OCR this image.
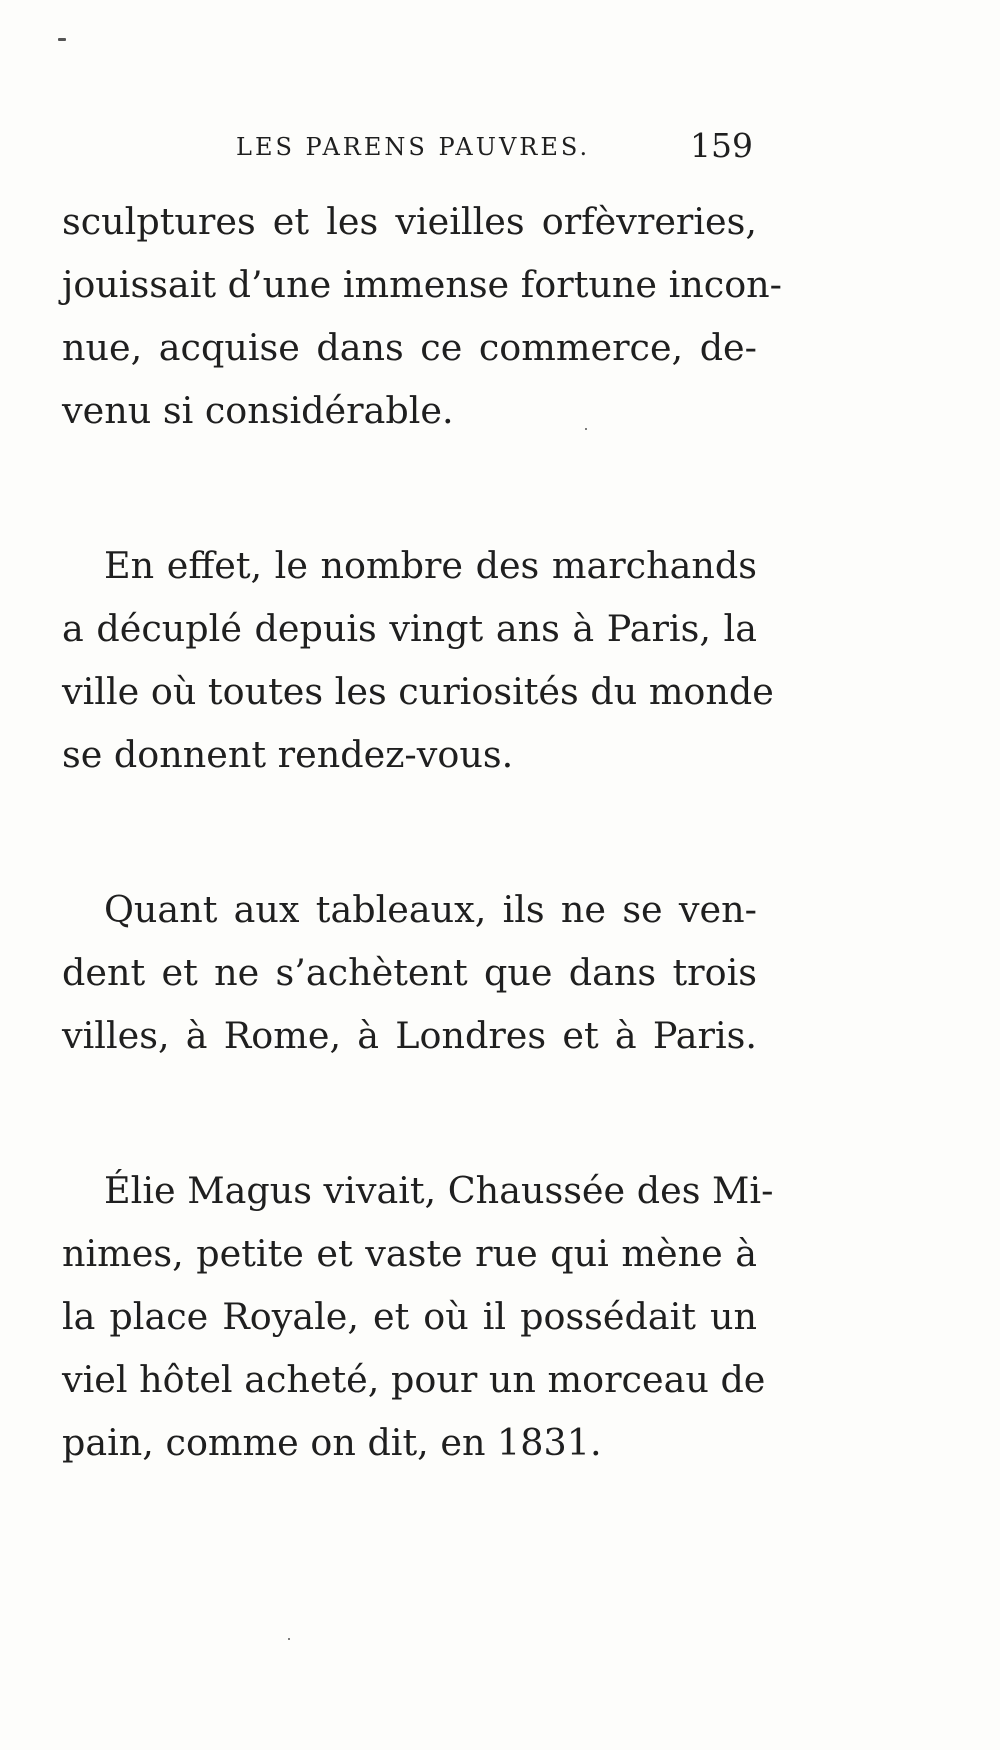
LES PARENS PAUVRES.	159

sculptures et les vieilles orfèvreries,
jouissait d’une immense fortune incon-
nue, acquise dans ce commerce, de-
venu si considérable.

En effet, le nombre des marchands
a décuplé depuis vingt ans à Paris, la
ville où toutes les curiosités du monde
se donnent rendez-vous.

Quant aux tableaux, ils ne se ven-
dent et ne s’achètent que dans trois
villes, à Rome, à Londres et à Paris.

Élie Magus vivait, Chaussée des Mi-
nimes, petite et vaste rue qui mène à
la place Royale, et où il possédait un
viel hôtel acheté, pour un morceau de
pain, comme on dit, en 1831.
